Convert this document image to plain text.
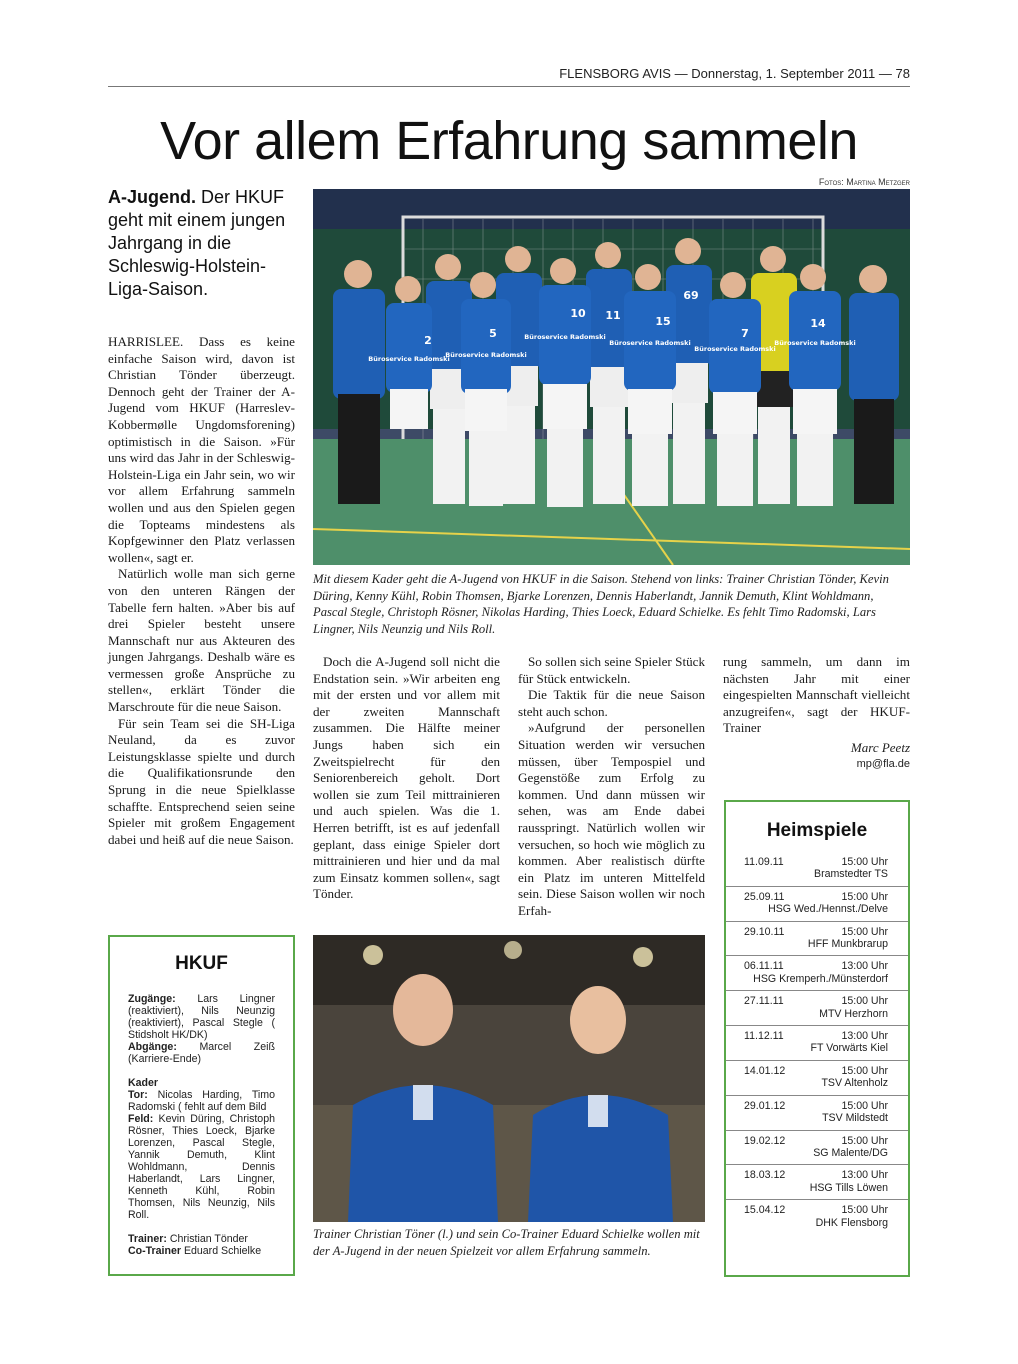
FLENSBORG AVIS — Donnerstag, 1. September 2011 — 78
Vor allem Erfahrung sammeln
Fotos: Martina Metzger
A-Jugend. Der HKUF geht mit einem jungen Jahrgang in die Schleswig-Holstein-Liga-Saison.

HARRISLEE. Dass es keine einfache Saison wird, davon ist Christian Tönder überzeugt. Dennoch geht der Trainer der A-Jugend vom HKUF (Harreslev-Kobbermølle Ungdomsforening) optimistisch in die Saison. »Für uns wird das Jahr in der Schleswig-Holstein-Liga ein Jahr sein, wo wir vor allem Erfahrung sammeln wollen und aus den Spielen gegen die Topteams mindestens als Kopfgewinner den Platz verlassen wollen«, sagt er.

Natürlich wolle man sich gerne von den unteren Rängen der Tabelle fern halten. »Aber bis auf drei Spieler besteht unsere Mannschaft nur aus Akteuren des jungen Jahrgangs. Deshalb wäre es vermessen große Ansprüche zu stellen«, erklärt Tönder die Marschroute für die neue Saison.

Für sein Team sei die SH-Liga Neuland, da es zuvor Leistungsklasse spielte und durch die Qualifikationsrunde den Sprung in die neue Spielklasse schaffte. Entsprechend seien seine Spieler mit großem Engagement dabei und heiß auf die neue Saison.

2
5
10 11	15
69
7
14
Büroservice Radomski
Büroservice Radomski
Büroservice Radomski
Büroservice Radomski
Büroservice Radomski
Büroservice Radomski
Mit diesem Kader geht die A-Jugend von HKUF in die Saison. Stehend von links: Trainer Christian Tönder, Kevin Düring, Kenny Kühl, Robin Thomsen, Bjarke Lorenzen, Dennis Haberlandt, Jannik Demuth, Klint Wohldmann, Pascal Stegle, Christoph Rösner, Nikolas Harding, Thies Loeck, Eduard Schielke. Es fehlt Timo Radomski, Lars Lingner, Nils Neunzig und Nils Roll.

Doch die A-Jugend soll nicht die Endstation sein. »Wir arbeiten eng mit der ersten und vor allem mit der zweiten Mannschaft zusammen. Die Hälfte meiner Jungs haben sich ein Zweitspielrecht für den Seniorenbereich geholt. Dort wollen sie zum Teil mittrainieren und auch spielen. Was die 1. Herren betrifft, ist es auf jedenfall geplant, dass einige Spieler dort mittrainieren und hier und da mal zum Einsatz kommen sollen«, sagt Tönder.

So sollen sich seine Spieler Stück für Stück entwickeln.

Die Taktik für die neue Saison steht auch schon.

»Aufgrund der personellen Situation werden wir versuchen müssen, über Tempospiel und Gegenstöße zum Erfolg zu kommen. Und dann müssen wir sehen, was am Ende dabei rausspringt. Natürlich wollen wir versuchen, so hoch wie möglich zu kommen. Aber realistisch dürfte ein Platz im unteren Mittelfeld sein. Diese Saison wollen wir noch Erfah-

rung sammeln, um dann im nächsten Jahr mit einer eingespielten Mannschaft vielleicht anzugreifen«, sagt der HKUF-Trainer

Marc Peetz
mp@fla.de
HKUF
Zugänge: Lars Lingner (reaktiviert), Nils Neunzig (reaktiviert), Pascal Stegle ( Stidsholt HK/DK)
Abgänge: Marcel Zeiß (Karriere-Ende)
Kader
Tor: Nicolas Harding, Timo Radomski ( fehlt auf dem Bild
Feld: Kevin Düring, Christoph Rösner, Thies Loeck, Bjarke Lorenzen, Pascal Stegle, Yannik Demuth, Klint Wohldmann, Dennis Haberlandt, Lars Lingner, Kenneth Kühl, Robin Thomsen, Nils Neunzig, Nils Roll.
Trainer: Christian Tönder
Co-Trainer Eduard Schielke
Trainer Christian Töner (l.) und sein Co-Trainer Eduard Schielke wollen mit der A-Jugend in der neuen Spielzeit vor allem Erfahrung sammeln.
Heimspiele
11.09.11	15:00 Uhr
Bramstedter TS
25.09.11	15:00 Uhr
HSG Wed./Hennst./Delve
29.10.11	15:00 Uhr
HFF Munkbrarup
06.11.11	13:00 Uhr
HSG Kremperh./Münsterdorf
27.11.11	15:00 Uhr
MTV Herzhorn
11.12.11	13:00 Uhr
FT Vorwärts Kiel
14.01.12	15:00 Uhr
TSV Altenholz
29.01.12	15:00 Uhr
TSV Mildstedt
19.02.12	15:00 Uhr
SG Malente/DG
18.03.12	13:00 Uhr
HSG Tills Löwen
15.04.12	15:00 Uhr
DHK Flensborg
